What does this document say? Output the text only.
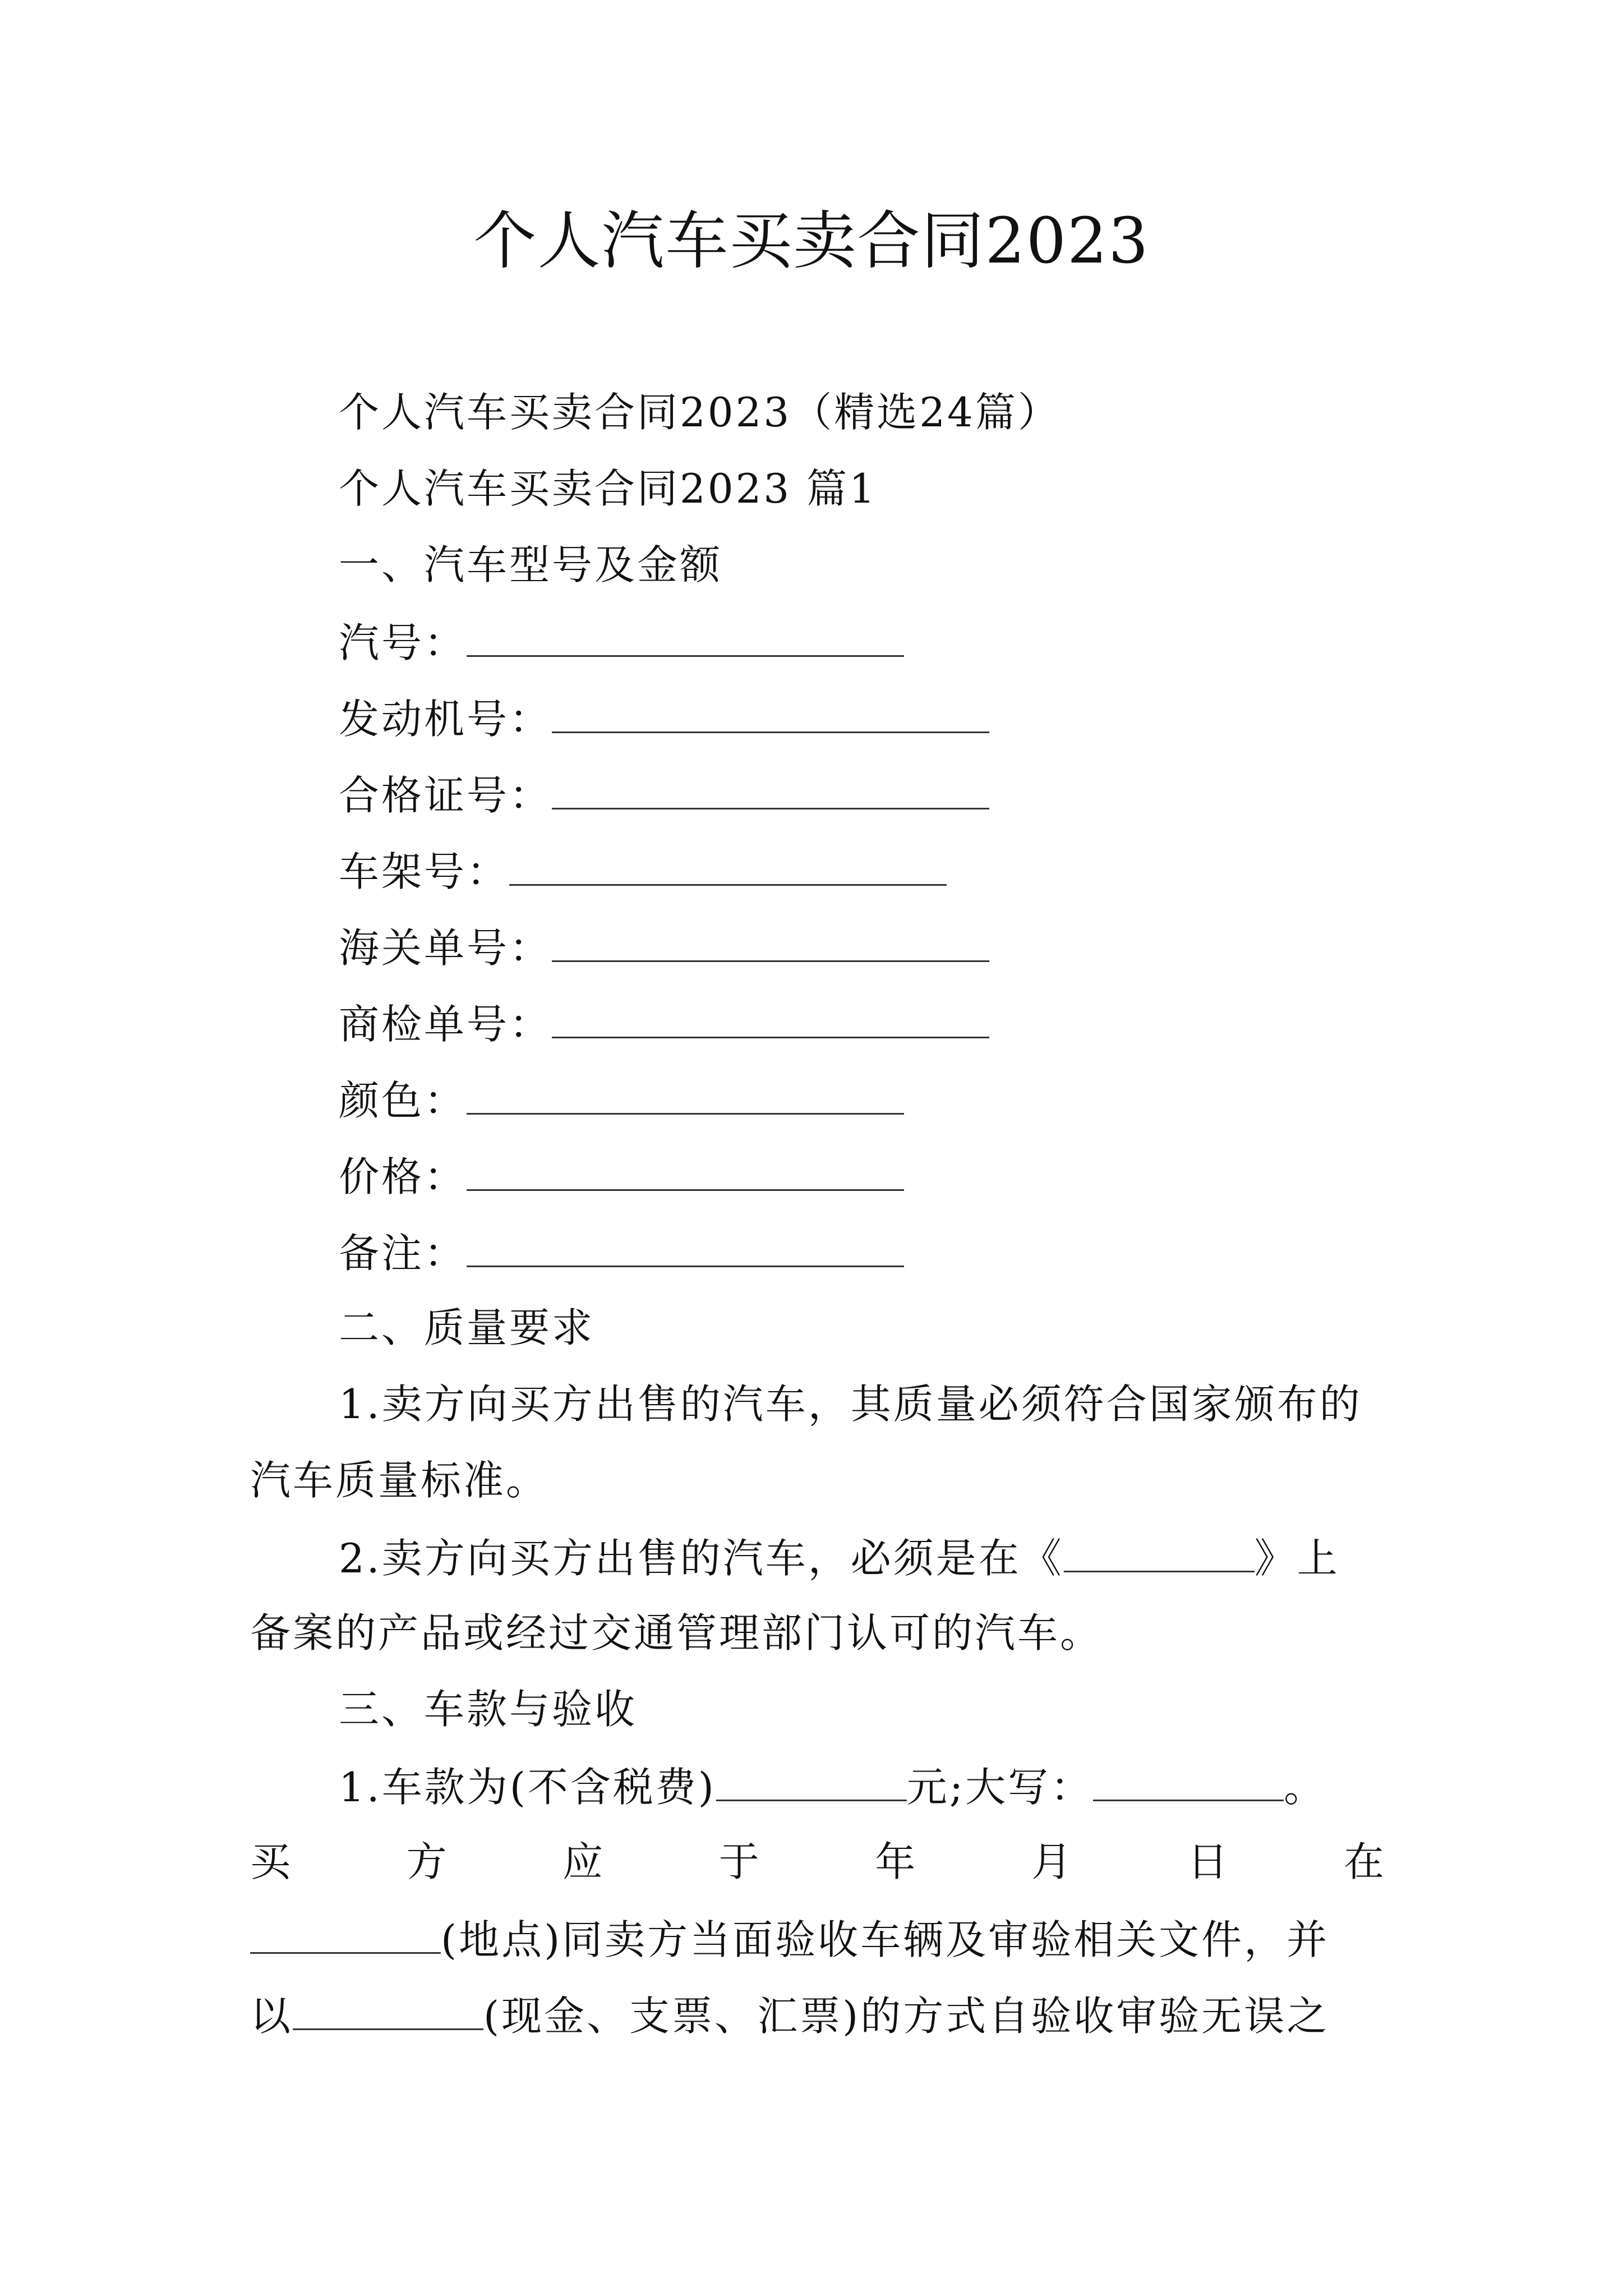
个人汽车买卖合同2023
个人汽车买卖合同2023（精选24篇）
个人汽车买卖合同2023 篇1
一、汽车型号及金额
汽号：
发动机号：
合格证号：
车架号：
海关单号：
商检单号：
颜色：
价格：
备注：
二、质量要求
1.卖方向买方出售的汽车，其质量必须符合国家颁布的
汽车质量标准。
2.卖方向买方出售的汽车，必须是在《	》上
备案的产品或经过交通管理部门认可的汽车。
三、车款与验收
1.车款为(不含税费)	元;大写：	。
买 方 应 于 年 月 日 在
(地点)同卖方当面验收车辆及审验相关文件，并
以	(现金、支票、汇票)的方式自验收审验无误之
